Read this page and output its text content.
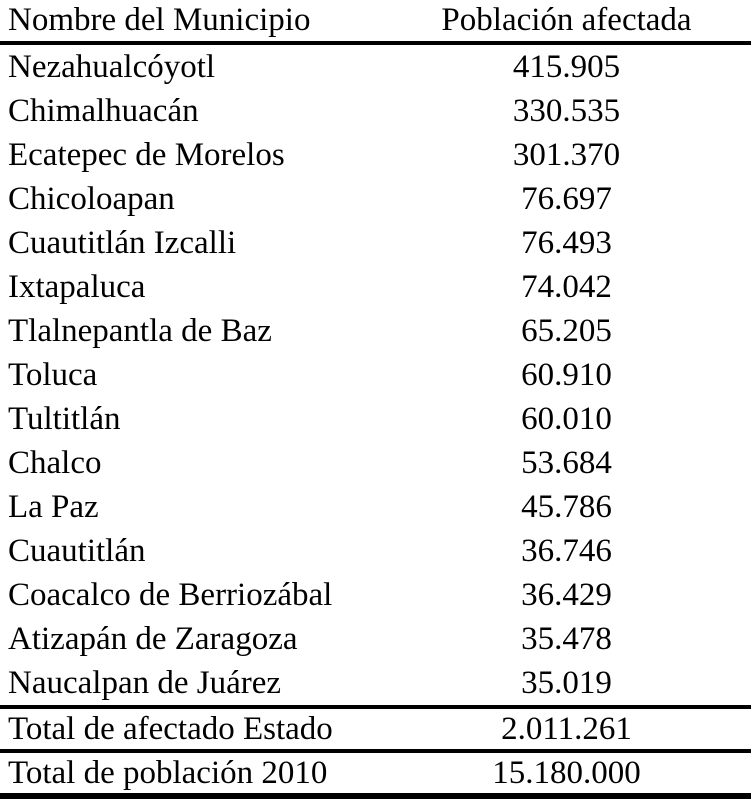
Nombre del Municipio	Población afectada
Nezahualcóyotl	415.905
Chimalhuacán	330.535
Ecatepec de Morelos	301.370
Chicoloapan	76.697
Cuautitlán Izcalli	76.493
Ixtapaluca	74.042
Tlalnepantla de Baz	65.205
Toluca	60.910
Tultitlán	60.010
Chalco	53.684
La Paz	45.786
Cuautitlán	36.746
Coacalco de Berriozábal	36.429
Atizapán de Zaragoza	35.478
Naucalpan de Juárez	35.019
Total de afectado Estado	2.011.261
Total de población 2010	15.180.000
